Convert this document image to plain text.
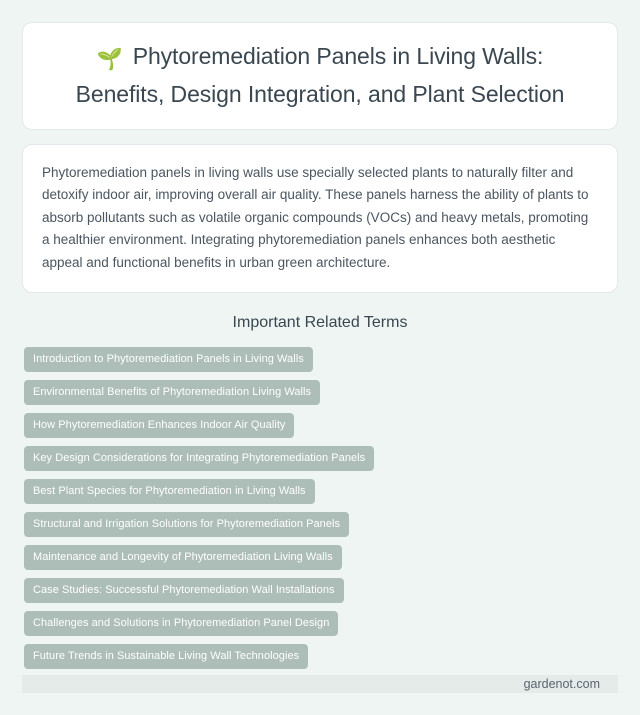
🌱 Phytoremediation Panels in Living Walls:
Benefits, Design Integration, and Plant Selection

Phytoremediation panels in living walls use specially selected plants to naturally filter and detoxify indoor air, improving overall air quality. These panels harness the ability of plants to absorb pollutants such as volatile organic compounds (VOCs) and heavy metals, promoting a healthier environment. Integrating phytoremediation panels enhances both aesthetic appeal and functional benefits in urban green architecture.

Important Related Terms
Introduction to Phytoremediation Panels in Living Walls
Environmental Benefits of Phytoremediation Living Walls
How Phytoremediation Enhances Indoor Air Quality
Key Design Considerations for Integrating Phytoremediation Panels
Best Plant Species for Phytoremediation in Living Walls
Structural and Irrigation Solutions for Phytoremediation Panels
Maintenance and Longevity of Phytoremediation Living Walls
Case Studies: Successful Phytoremediation Wall Installations
Challenges and Solutions in Phytoremediation Panel Design
Future Trends in Sustainable Living Wall Technologies
gardenot.com
